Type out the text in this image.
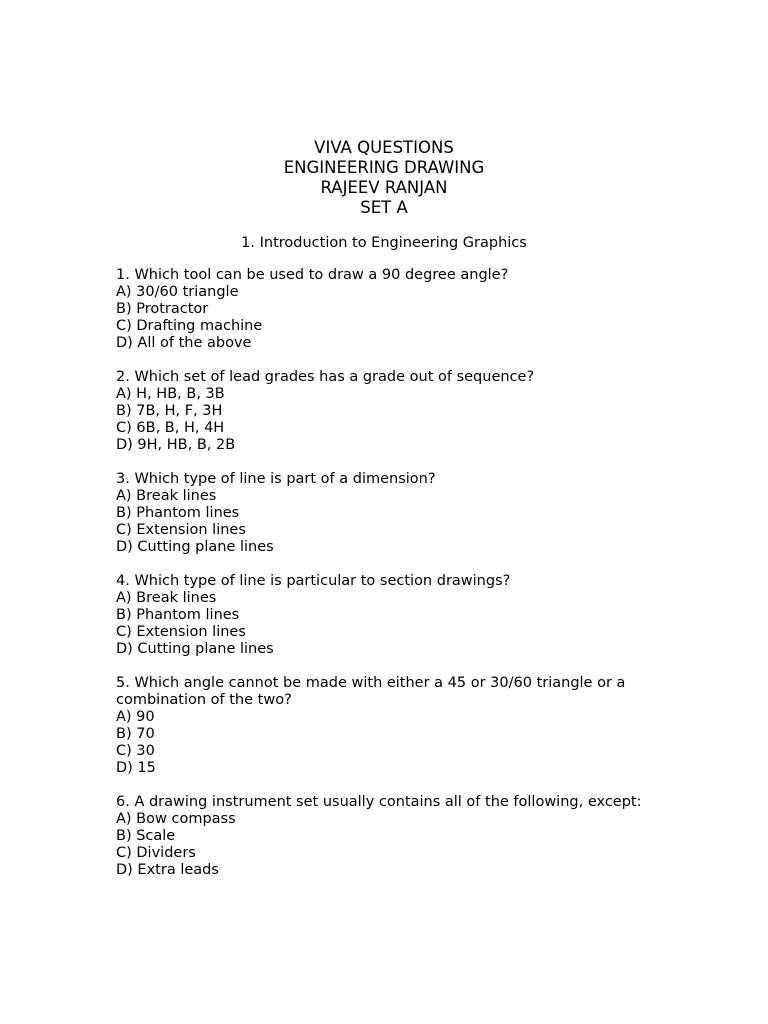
VIVA QUESTIONS
ENGINEERING DRAWING
RAJEEV RANJAN
SET A
1. Introduction to Engineering Graphics
1. Which tool can be used to draw a 90 degree angle?
A) 30/60 triangle
B) Protractor
C) Drafting machine
D) All of the above
2. Which set of lead grades has a grade out of sequence?
A) H, HB, B, 3B
B) 7B, H, F, 3H
C) 6B, B, H, 4H
D) 9H, HB, B, 2B
3. Which type of line is part of a dimension?
A) Break lines
B) Phantom lines
C) Extension lines
D) Cutting plane lines
4. Which type of line is particular to section drawings?
A) Break lines
B) Phantom lines
C) Extension lines
D) Cutting plane lines
5. Which angle cannot be made with either a 45 or 30/60 triangle or a combination of the two?
A) 90
B) 70
C) 30
D) 15
6. A drawing instrument set usually contains all of the following, except:
A) Bow compass
B) Scale
C) Dividers
D) Extra leads
